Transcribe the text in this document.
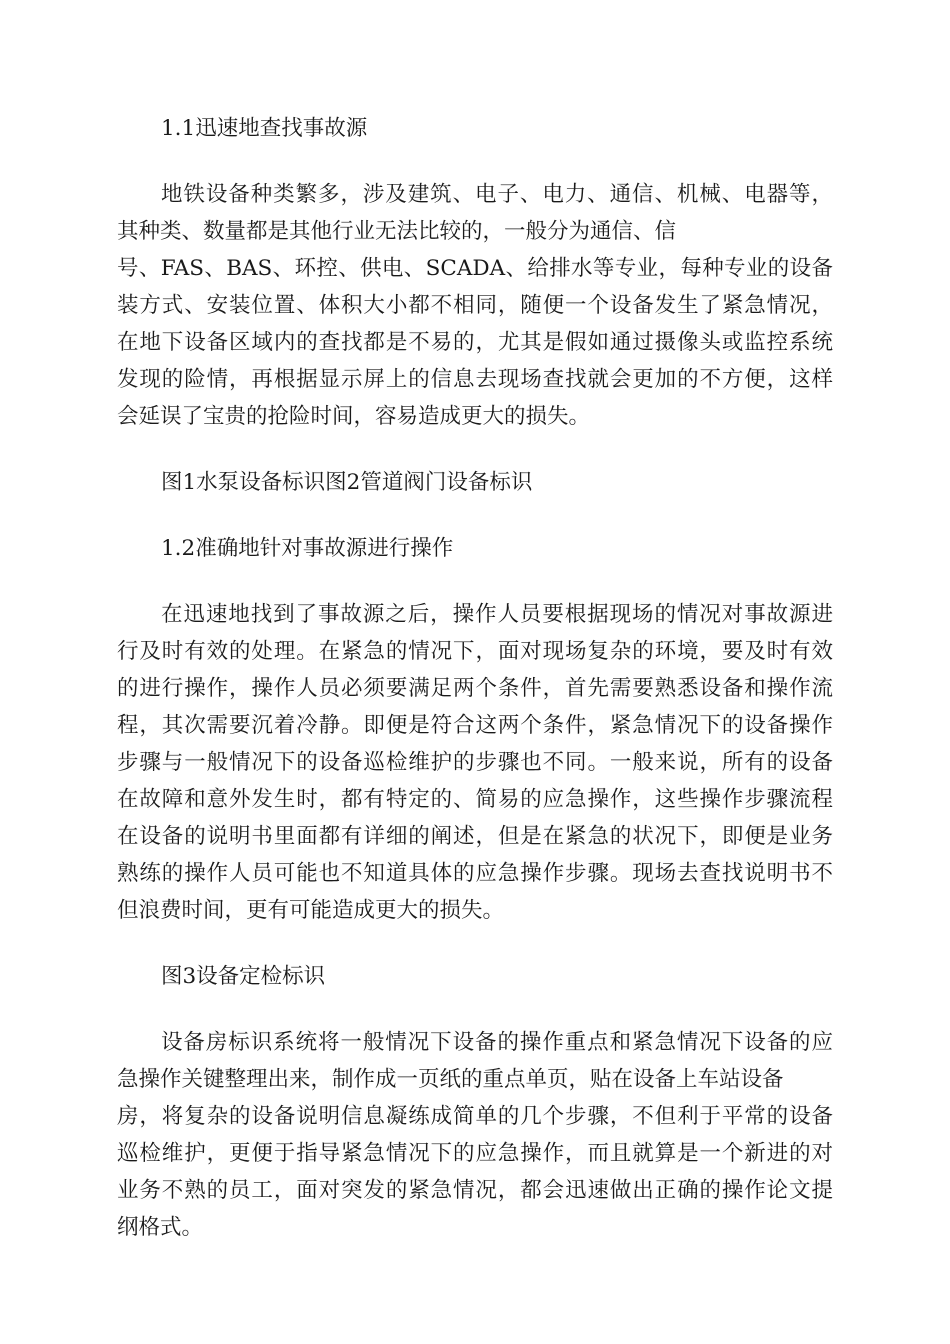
1.1迅速地查找事故源

地铁设备种类繁多，涉及建筑、电子、电力、通信、机械、电器等，

其种类、数量都是其他行业无法比较的，一般分为通信、信

号、FAS、BAS、环控、供电、SCADA、给排水等专业，每种专业的设备

装方式、安装位置、体积大小都不相同，随便一个设备发生了紧急情况，

在地下设备区域内的查找都是不易的，尤其是假如通过摄像头或监控系统

发现的险情，再根据显示屏上的信息去现场查找就会更加的不方便，这样

会延误了宝贵的抢险时间，容易造成更大的损失。

图1水泵设备标识图2管道阀门设备标识

1.2准确地针对事故源进行操作

在迅速地找到了事故源之后，操作人员要根据现场的情况对事故源进

行及时有效的处理。在紧急的情况下，面对现场复杂的环境，要及时有效

的进行操作，操作人员必须要满足两个条件，首先需要熟悉设备和操作流

程，其次需要沉着冷静。即便是符合这两个条件，紧急情况下的设备操作

步骤与一般情况下的设备巡检维护的步骤也不同。一般来说，所有的设备

在故障和意外发生时，都有特定的、简易的应急操作，这些操作步骤流程

在设备的说明书里面都有详细的阐述，但是在紧急的状况下，即便是业务

熟练的操作人员可能也不知道具体的应急操作步骤。现场去查找说明书不

但浪费时间，更有可能造成更大的损失。

图3设备定检标识

设备房标识系统将一般情况下设备的操作重点和紧急情况下设备的应

急操作关键整理出来，制作成一页纸的重点单页，贴在设备上车站设备

房，将复杂的设备说明信息凝练成简单的几个步骤，不但利于平常的设备

巡检维护，更便于指导紧急情况下的应急操作，而且就算是一个新进的对

业务不熟的员工，面对突发的紧急情况，都会迅速做出正确的操作论文提

纲格式。
